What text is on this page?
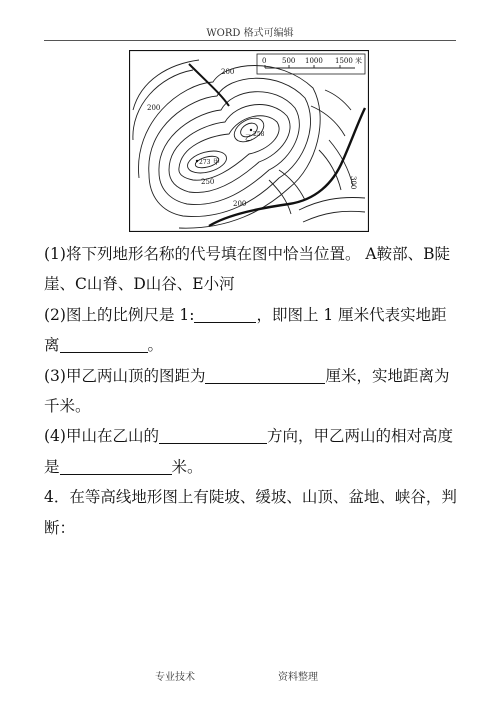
WORD 格式可编辑
0 500 1000 1500 米
200
200
250
200
300
乙 258
273 甲

(1)将下列地形名称的代号填在图中恰当位置。 A鞍部、B陡

崖、C山脊、D山谷、E小河

(2)图上的比例尺是 1:	，即图上 1 厘米代表实地距

离	。

(3)甲乙两山顶的图距为	厘米，实地距离为

千米。

(4)甲山在乙山的	方向，甲乙两山的相对高度

是	米。

4．在等高线地形图上有陡坡、缓坡、山顶、盆地、峡谷，判

断：

专业技术	资料整理
